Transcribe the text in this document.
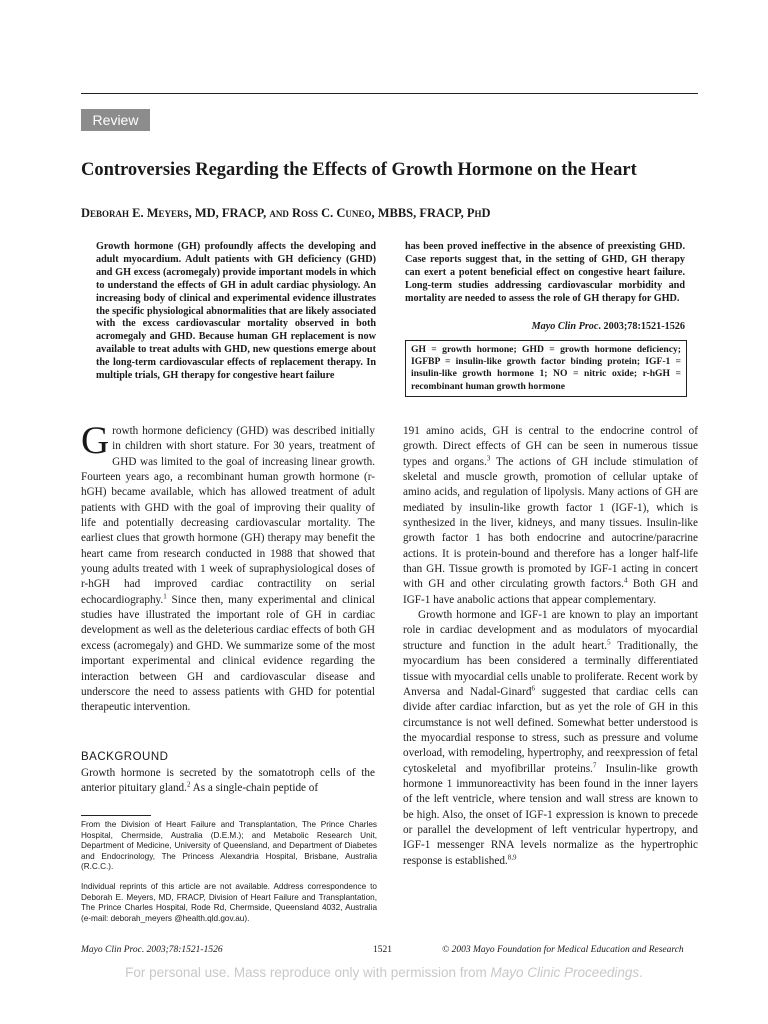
Review
Controversies Regarding the Effects of Growth Hormone on the Heart
Deborah E. Meyers, MD, FRACP, and Ross C. Cuneo, MBBS, FRACP, PhD
Growth hormone (GH) profoundly affects the developing and adult myocardium. Adult patients with GH deficiency (GHD) and GH excess (acromegaly) provide important models in which to understand the effects of GH in adult cardiac physiology. An increasing body of clinical and experimental evidence illustrates the specific physiological abnormalities that are likely associated with the excess cardiovascular mortality observed in both acromegaly and GHD. Because human GH replacement is now available to treat adults with GHD, new questions emerge about the long-term cardiovascular effects of replacement therapy. In multiple trials, GH therapy for congestive heart failure
has been proved ineffective in the absence of preexisting GHD. Case reports suggest that, in the setting of GHD, GH therapy can exert a potent beneficial effect on congestive heart failure. Long-term studies addressing cardiovascular morbidity and mortality are needed to assess the role of GH therapy for GHD.
Mayo Clin Proc. 2003;78:1521-1526
GH = growth hormone; GHD = growth hormone deficiency; IGFBP = insulin-like growth factor binding protein; IGF-1 = insulin-like growth hormone 1; NO = nitric oxide; r-hGH = recombinant human growth hormone

Growth hormone deficiency (GHD) was described initially in children with short stature. For 30 years, treatment of GHD was limited to the goal of increasing linear growth. Fourteen years ago, a recombinant human growth hormone (r-hGH) became available, which has allowed treatment of adult patients with GHD with the goal of improving their quality of life and potentially decreasing cardiovascular mortality. The earliest clues that growth hormone (GH) therapy may benefit the heart came from research conducted in 1988 that showed that young adults treated with 1 week of supraphysiological doses of r-hGH had improved cardiac contractility on serial echocardiography.$^1$ Since then, many experimental and clinical studies have illustrated the important role of GH in cardiac development as well as the deleterious cardiac effects of both GH excess (acromegaly) and GHD. We summarize some of the most important experimental and clinical evidence regarding the interaction between GH and cardiovascular disease and underscore the need to assess patients with GHD for potential therapeutic intervention.

BACKGROUND
Growth hormone is secreted by the somatotroph cells of the anterior pituitary gland.$^2$ As a single-chain peptide of
From the Division of Heart Failure and Transplantation, The Prince Charles Hospital, Chermside, Australia (D.E.M.); and Metabolic Research Unit, Department of Medicine, University of Queensland, and Department of Diabetes and Endocrinology, The Princess Alexandria Hospital, Brisbane, Australia (R.C.C.).
Individual reprints of this article are not available. Address correspondence to Deborah E. Meyers, MD, FRACP, Division of Heart Failure and Transplantation, The Prince Charles Hospital, Rode Rd, Chermside, Queensland 4032, Australia (e-mail: deborah_meyers @health.qld.gov.au).

191 amino acids, GH is central to the endocrine control of growth. Direct effects of GH can be seen in numerous tissue types and organs.$^3$ The actions of GH include stimulation of skeletal and muscle growth, promotion of cellular uptake of amino acids, and regulation of lipolysis. Many actions of GH are mediated by insulin-like growth factor 1 (IGF-1), which is synthesized in the liver, kidneys, and many tissues. Insulin-like growth factor 1 has both endocrine and autocrine/paracrine actions. It is protein-bound and therefore has a longer half-life than GH. Tissue growth is promoted by IGF-1 acting in concert with GH and other circulating growth factors.$^4$ Both GH and IGF-1 have anabolic actions that appear complementary.

Growth hormone and IGF-1 are known to play an important role in cardiac development and as modulators of myocardial structure and function in the adult heart.$^5$ Traditionally, the myocardium has been considered a terminally differentiated tissue with myocardial cells unable to proliferate. Recent work by Anversa and Nadal-Ginard$^6$ suggested that cardiac cells can divide after cardiac infarction, but as yet the role of GH in this circumstance is not well defined. Somewhat better understood is the myocardial response to stress, such as pressure and volume overload, with remodeling, hypertrophy, and reexpression of fetal cytoskeletal and myofibrillar proteins.$^7$ Insulin-like growth hormone 1 immunoreactivity has been found in the inner layers of the left ventricle, where tension and wall stress are known to be high. Also, the onset of IGF-1 expression is known to precede or parallel the development of left ventricular hypertropy, and IGF-1 messenger RNA levels normalize as the hypertrophic response is established.$^{8,9}$

Mayo Clin Proc. 2003;78:1521-1526	1521	© 2003 Mayo Foundation for Medical Education and Research
For personal use. Mass reproduce only with permission from Mayo Clinic Proceedings.
